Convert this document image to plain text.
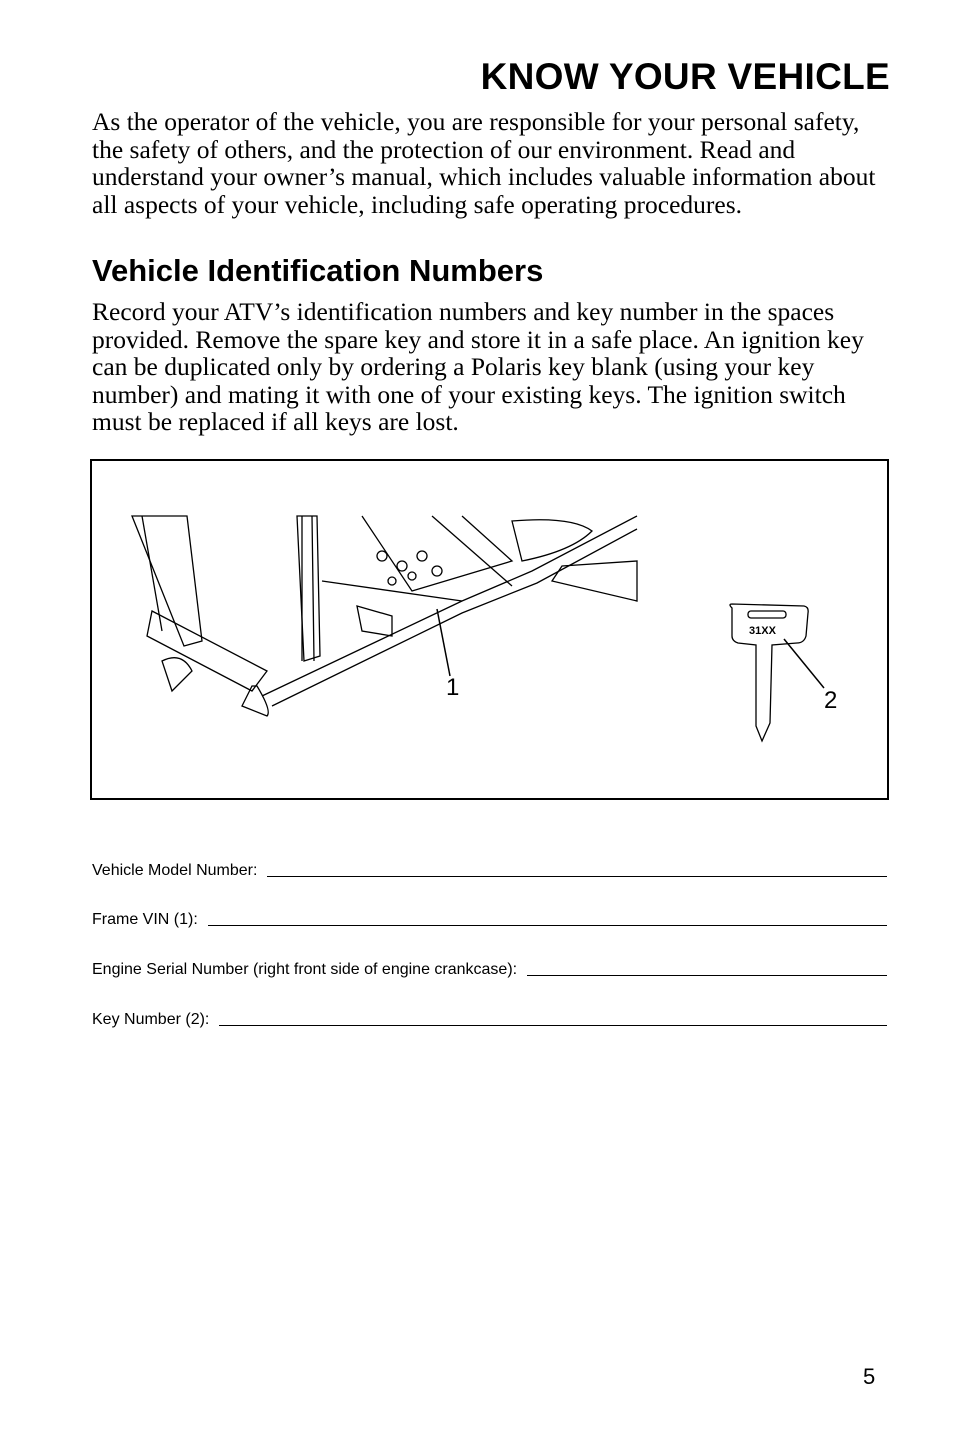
KNOW YOUR VEHICLE
As the operator of the vehicle, you are responsible for your personal safety, the safety of others, and the protection of our environment. Read and understand your owner’s manual, which includes valuable information about all aspects of your vehicle, including safe operating procedures.
Vehicle Identification Numbers
Record your ATV’s identification numbers and key number in the spaces provided. Remove the spare key and store it in a safe place. An ignition key can be duplicated only by ordering a Polaris key blank (using your key number) and mating it with one of your existing keys. The ignition switch must be replaced if all keys are lost.
31XX
1	2
Vehicle Model Number:
Frame VIN (1):
Engine Serial Number (right front side of engine crankcase):
Key Number (2):
5
